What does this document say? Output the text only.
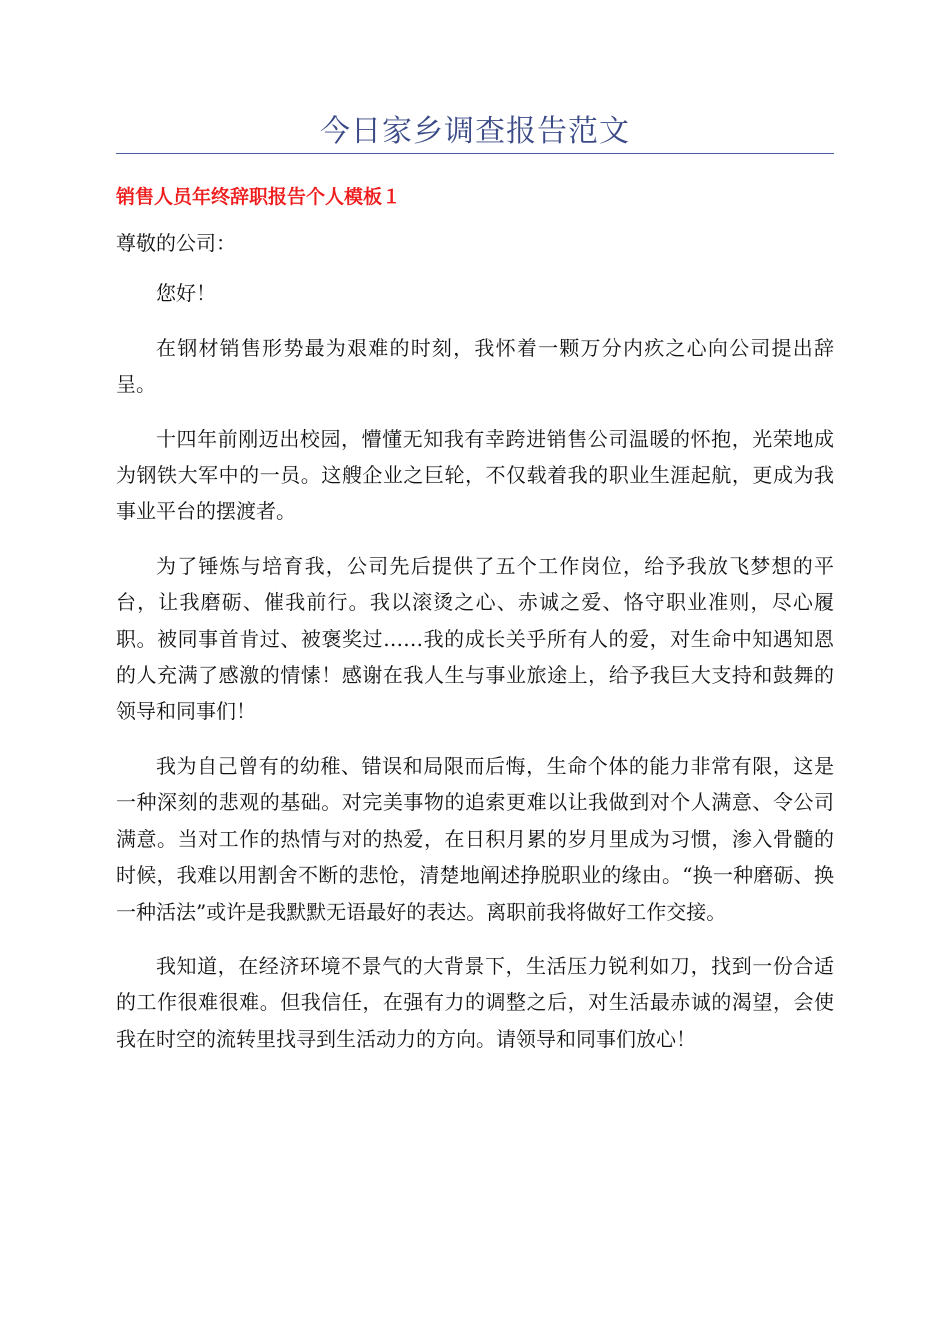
今日家乡调查报告范文
销售人员年终辞职报告个人模板１

尊敬的公司：

您好！

在钢材销售形势最为艰难的时刻，我怀着一颗万分内疚之心向公司提出辞呈。

十四年前刚迈出校园，懵懂无知我有幸跨进销售公司温暖的怀抱，光荣地成为钢铁大军中的一员。这艘企业之巨轮，不仅载着我的职业生涯起航，更成为我事业平台的摆渡者。

为了锤炼与培育我，公司先后提供了五个工作岗位，给予我放飞梦想的平台，让我磨砺、催我前行。我以滚烫之心、赤诚之爱、恪守职业准则，尽心履职。被同事首肯过、被褒奖过……我的成长关乎所有人的爱，对生命中知遇知恩的人充满了感激的情愫！感谢在我人生与事业旅途上，给予我巨大支持和鼓舞的领导和同事们！

我为自己曾有的幼稚、错误和局限而后悔，生命个体的能力非常有限，这是一种深刻的悲观的基础。对完美事物的追索更难以让我做到对个人满意、令公司满意。当对工作的热情与对的热爱，在日积月累的岁月里成为习惯，渗入骨髓的时候，我难以用割舍不断的悲怆，清楚地阐述挣脱职业的缘由。“换一种磨砺、换一种活法”或许是我默默无语最好的表达。离职前我将做好工作交接。

我知道，在经济环境不景气的大背景下，生活压力锐利如刀，找到一份合适的工作很难很难。但我信任，在强有力的调整之后，对生活最赤诚的渴望，会使我在时空的流转里找寻到生活动力的方向。请领导和同事们放心！
